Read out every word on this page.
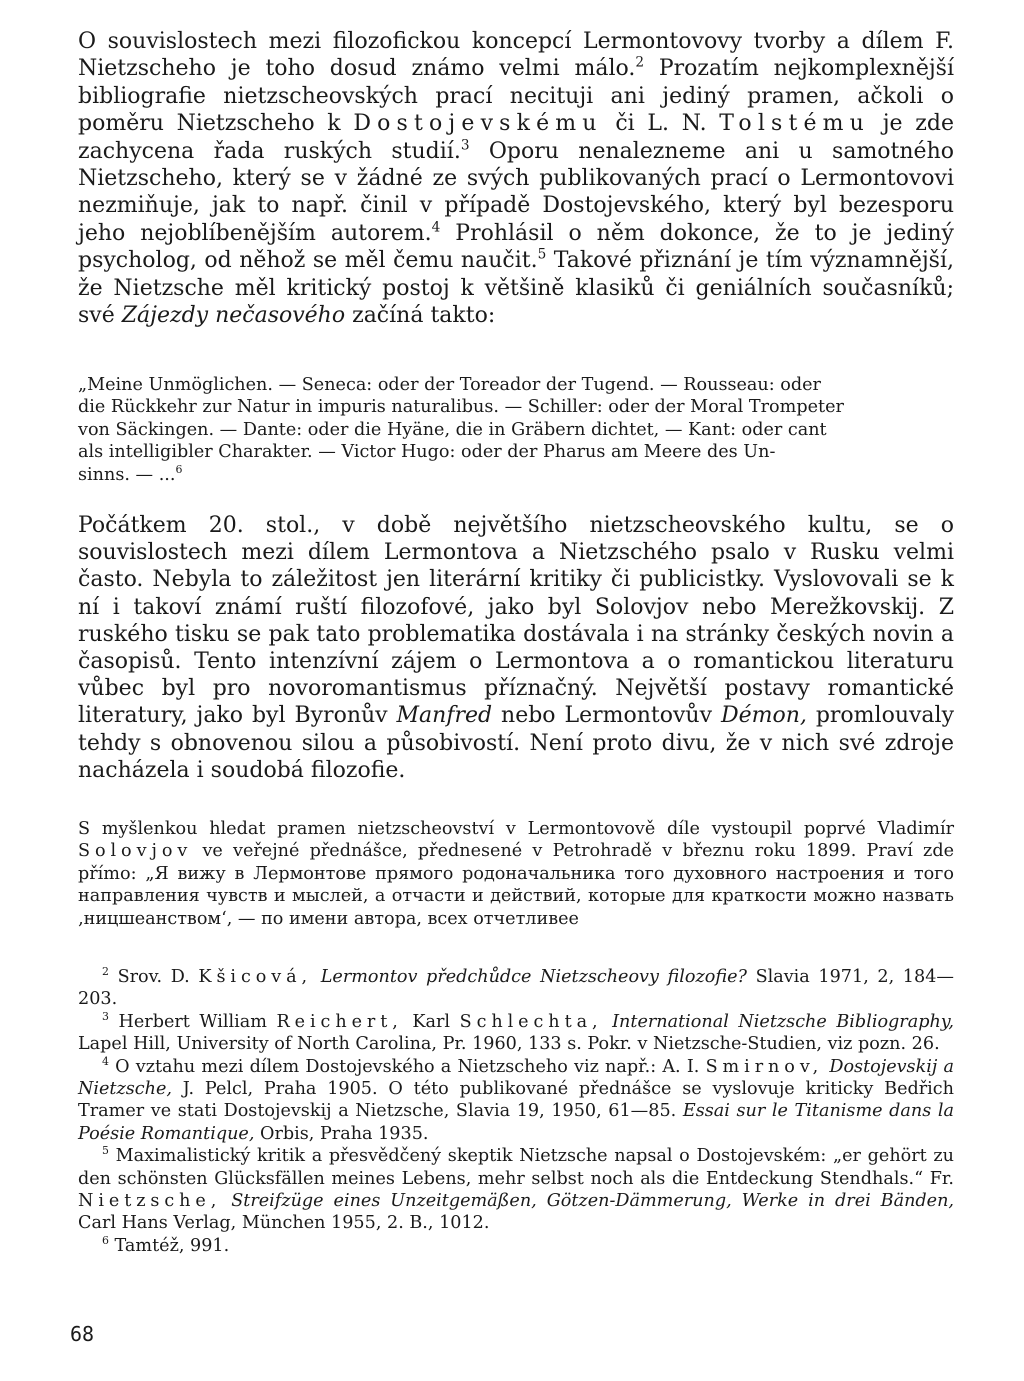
O souvislostech mezi filozofickou koncepcí Lermontovovy tvorby a dílem F. Nietzscheho je toho dosud známo velmi málo.$^2$ Prozatím nejkomplexnější bibliografie nietzscheovských prací necituji ani jediný pramen, ačkoli o poměru Nietzscheho k Dostojevskému či L. N. Tolstému je zde zachycena řada ruských studií.$^3$ Oporu nenalezneme ani u samotného Nietzscheho, který se v žádné ze svých publikovaných prací o Lermontovovi nezmiňuje, jak to např. činil v případě Dostojevského, který byl bezesporu jeho nejoblíbenějším autorem.$^4$ Prohlásil o něm dokonce, že to je jediný psycholog, od něhož se měl čemu naučit.$^5$ Takové přiznání je tím významnější, že Nietzsche měl kritický postoj k většině klasiků či geniálních současníků; své Zájezdy nečasového začíná takto:

„Meine Unmöglichen. — Seneca: oder der Toreador der Tugend. — Rousseau: oder

die Rückkehr zur Natur in impuris naturalibus. — Schiller: oder der Moral Trompeter

von Säckingen. — Dante: oder die Hyäne, die in Gräbern dichtet, — Kant: oder cant

als intelligibler Charakter. — Victor Hugo: oder der Pharus am Meere des Un-

sinns. — ...$^6$

Počátkem 20. stol., v době největšího nietzscheovského kultu, se o souvislostech mezi dílem Lermontova a Nietzschého psalo v Rusku velmi často. Nebyla to záležitost jen literární kritiky či publicistky. Vyslovovali se k ní i takoví známí ruští filozofové, jako byl Solovjov nebo Merežkovskij. Z ruského tisku se pak tato problematika dostávala i na stránky českých novin a časopisů. Tento intenzívní zájem o Lermontova a o romantickou literaturu vůbec byl pro novoromantismus příznačný. Největší postavy romantické literatury, jako byl Byronův Manfred nebo Lermontovův Démon, promlouvaly tehdy s obnovenou silou a působivostí. Není proto divu, že v nich své zdroje nacházela i soudobá filozofie.

S myšlenkou hledat pramen nietzscheovství v Lermontovově díle vystoupil poprvé Vladimír Solovjov ve veřejné přednášce, přednesené v Petrohradě v březnu roku 1899. Praví zde přímo: „Я вижу в Лермонтове прямого родоначальника того духовного настроения и того направления чувств и мыслей, а отчасти и действий, которые для краткости можно назвать ‚ницшеанством‘, — по имени автора, всех отчетливее

$^2$ Srov. D. Kšicová, Lermontov předchůdce Nietzscheovy filozofie? Slavia 1971, 2, 184—203.

$^3$ Herbert William Reichert, Karl Schlechta, International Nietzsche Bibliography, Lapel Hill, University of North Carolina, Pr. 1960, 133 s. Pokr. v Nietzsche-Studien, viz pozn. 26.

$^4$ O vztahu mezi dílem Dostojevského a Nietzscheho viz např.: A. I. Smirnov, Dostojevskij a Nietzsche, J. Pelcl, Praha 1905. O této publikované přednášce se vyslovuje kriticky Bedřich Tramer ve stati Dostojevskij a Nietzsche, Slavia 19, 1950, 61—85. Essai sur le Titanisme dans la Poésie Romantique, Orbis, Praha 1935.

$^5$ Maximalistický kritik a přesvědčený skeptik Nietzsche napsal o Dostojevském: „er gehört zu den schönsten Glücksfällen meines Lebens, mehr selbst noch als die Entdeckung Stendhals.“ Fr. Nietzsche, Streifzüge eines Unzeitgemäßen, Götzen-Dämmerung, Werke in drei Bänden, Carl Hans Verlag, München 1955, 2. B., 1012.

$^6$ Tamtéž, 991.

68
